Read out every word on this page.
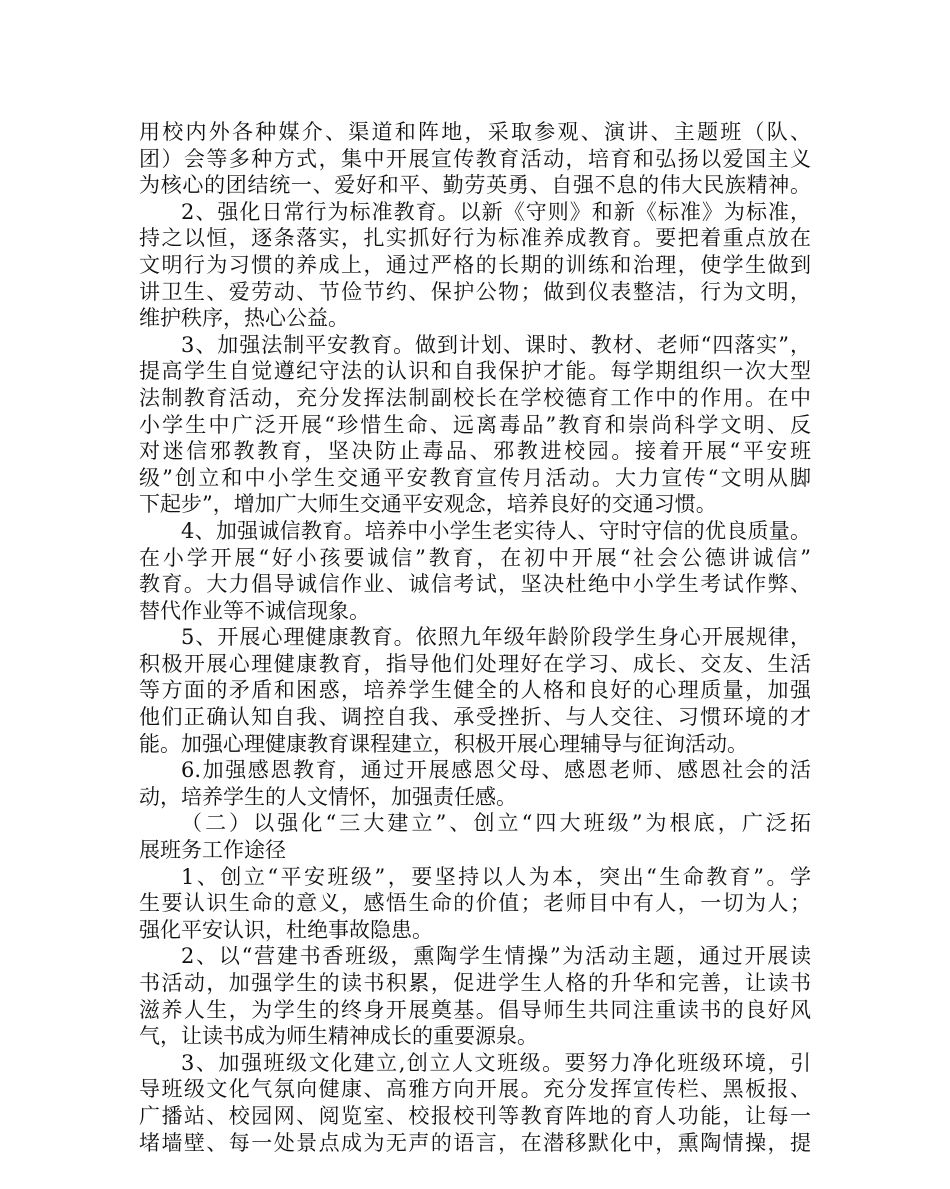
用校内外各种媒介、渠道和阵地，采取参观、演讲、主题班（队、
团）会等多种方式，集中开展宣传教育活动，培育和弘扬以爱国主义
为核心的团结统一、爱好和平、勤劳英勇、自强不息的伟大民族精神。
2、强化日常行为标准教育。以新《守则》和新《标准》为标准，
持之以恒，逐条落实，扎实抓好行为标准养成教育。要把着重点放在
文明行为习惯的养成上，通过严格的长期的训练和治理，使学生做到
讲卫生、爱劳动、节俭节约、保护公物；做到仪表整洁，行为文明，
维护秩序，热心公益。
3、加强法制平安教育。做到计划、课时、教材、老师“四落实”，
提高学生自觉遵纪守法的认识和自我保护才能。每学期组织一次大型
法制教育活动，充分发挥法制副校长在学校德育工作中的作用。在中
小学生中广泛开展“珍惜生命、远离毒品”教育和崇尚科学文明、反
对迷信邪教教育，坚决防止毒品、邪教进校园。接着开展“平安班
级”创立和中小学生交通平安教育宣传月活动。大力宣传“文明从脚
下起步”，增加广大师生交通平安观念，培养良好的交通习惯。
4、加强诚信教育。培养中小学生老实待人、守时守信的优良质量。
在小学开展“好小孩要诚信”教育，在初中开展“社会公德讲诚信”
教育。大力倡导诚信作业、诚信考试，坚决杜绝中小学生考试作弊、
替代作业等不诚信现象。
5、开展心理健康教育。依照九年级年龄阶段学生身心开展规律，
积极开展心理健康教育，指导他们处理好在学习、成长、交友、生活
等方面的矛盾和困惑，培养学生健全的人格和良好的心理质量，加强
他们正确认知自我、调控自我、承受挫折、与人交往、习惯环境的才
能。加强心理健康教育课程建立，积极开展心理辅导与征询活动。
6.加强感恩教育，通过开展感恩父母、感恩老师、感恩社会的活
动，培养学生的人文情怀，加强责任感。
（二）以强化“三大建立”、创立“四大班级”为根底，广泛拓
展班务工作途径
1、创立“平安班级”，要坚持以人为本，突出“生命教育”。学
生要认识生命的意义，感悟生命的价值；老师目中有人，一切为人；
强化平安认识，杜绝事故隐患。
2、以“营建书香班级，熏陶学生情操”为活动主题，通过开展读
书活动，加强学生的读书积累，促进学生人格的升华和完善，让读书
滋养人生，为学生的终身开展奠基。倡导师生共同注重读书的良好风
气，让读书成为师生精神成长的重要源泉。
3、加强班级文化建立,创立人文班级。要努力净化班级环境，引
导班级文化气氛向健康、高雅方向开展。充分发挥宣传栏、黑板报、
广播站、校园网、阅览室、校报校刊等教育阵地的育人功能，让每一
堵墙壁、每一处景点成为无声的语言，在潜移默化中，熏陶情操，提
